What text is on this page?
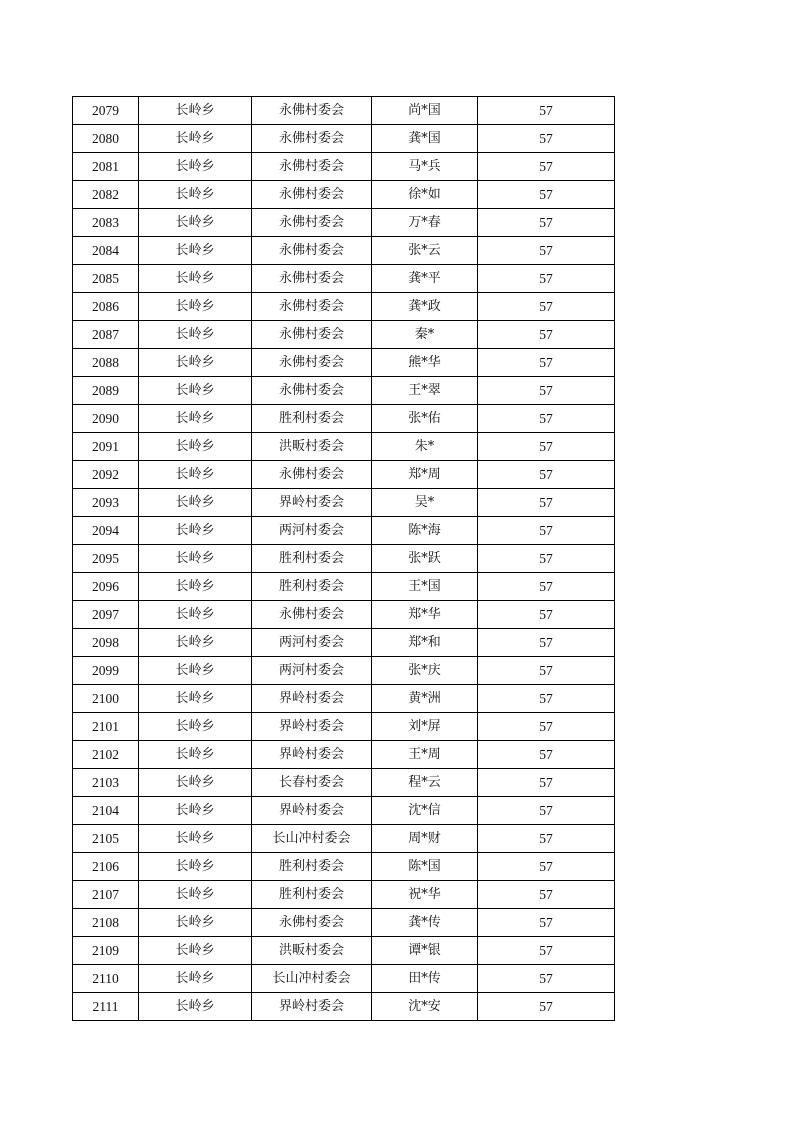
2079	长岭乡	永佛村委会	尚*国	57
2080	长岭乡	永佛村委会	龚*国	57
2081	长岭乡	永佛村委会	马*兵	57
2082	长岭乡	永佛村委会	徐*如	57
2083	长岭乡	永佛村委会	万*春	57
2084	长岭乡	永佛村委会	张*云	57
2085	长岭乡	永佛村委会	龚*平	57
2086	长岭乡	永佛村委会	龚*政	57
2087	长岭乡	永佛村委会	秦*	57
2088	长岭乡	永佛村委会	熊*华	57
2089	长岭乡	永佛村委会	王*翠	57
2090	长岭乡	胜利村委会	张*佑	57
2091	长岭乡	洪畈村委会	朱*	57
2092	长岭乡	永佛村委会	郑*周	57
2093	长岭乡	界岭村委会	吴*	57
2094	长岭乡	两河村委会	陈*海	57
2095	长岭乡	胜利村委会	张*跃	57
2096	长岭乡	胜利村委会	王*国	57
2097	长岭乡	永佛村委会	郑*华	57
2098	长岭乡	两河村委会	郑*和	57
2099	长岭乡	两河村委会	张*庆	57
2100	长岭乡	界岭村委会	黄*洲	57
2101	长岭乡	界岭村委会	刘*屏	57
2102	长岭乡	界岭村委会	王*周	57
2103	长岭乡	长春村委会	程*云	57
2104	长岭乡	界岭村委会	沈*信	57
2105	长岭乡	长山冲村委会	周*财	57
2106	长岭乡	胜利村委会	陈*国	57
2107	长岭乡	胜利村委会	祝*华	57
2108	长岭乡	永佛村委会	龚*传	57
2109	长岭乡	洪畈村委会	谭*银	57
2110	长岭乡	长山冲村委会	田*传	57
2111	长岭乡	界岭村委会	沈*安	57
